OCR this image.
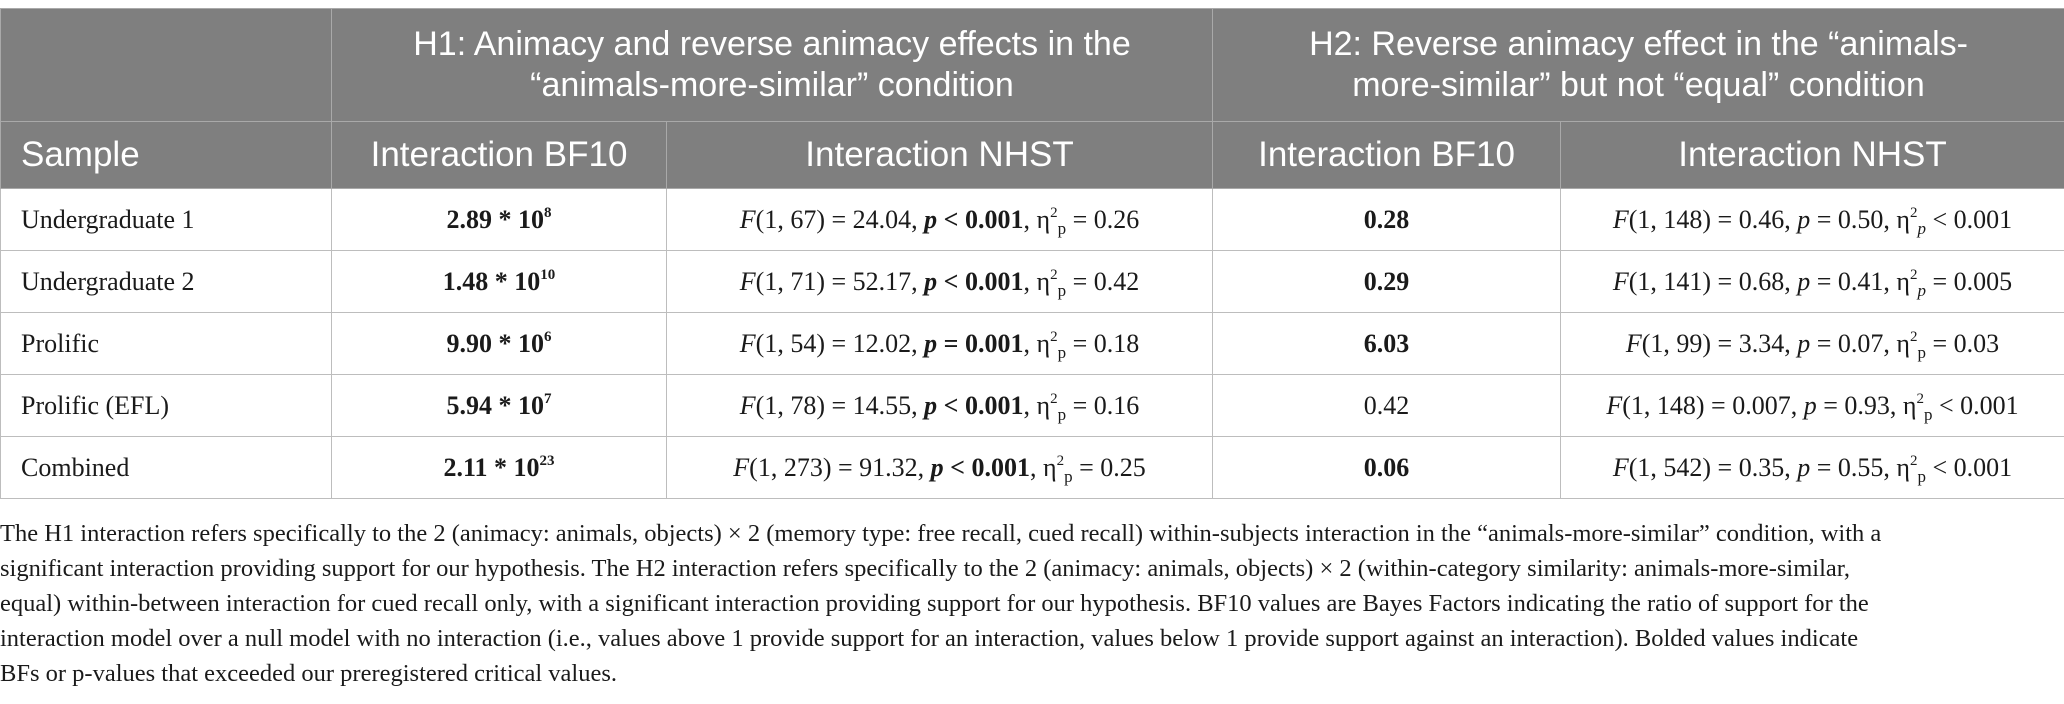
	H1: Animacy and reverse animacy effects in the
“animals-more-similar” condition		H2: Reverse animacy effect in the “animals-
more-similar” but not “equal” condition	
Sample	Interaction BF10	Interaction NHST	Interaction BF10	Interaction NHST
Undergraduate 1	$2.89 * 10^8$	F(1, 67) = 24.04, p < 0.001, $\eta^2_p = 0.26$	0.28	F(1, 148) = 0.46, p = 0.50, $\eta^2_p < 0.001$
Undergraduate 2	$1.48 * 10^{10}$	F(1, 71) = 52.17, p < 0.001, $\eta^2_p = 0.42$	0.29	F(1, 141) = 0.68, p = 0.41, $\eta^2_p = 0.005$
Prolific	$9.90 * 10^6$	F(1, 54) = 12.02, p = 0.001, $\eta^2_p = 0.18$	6.03	F(1, 99) = 3.34, p = 0.07, $\eta^2_p = 0.03$
Prolific (EFL)	$5.94 * 10^7$	F(1, 78) = 14.55, p < 0.001, $\eta^2_p = 0.16$	0.42	F(1, 148) = 0.007, p = 0.93, $\eta^2_p < 0.001$
Combined	$2.11 * 10^{23}$	F(1, 273) = 91.32, p < 0.001, $\eta^2_p = 0.25$	0.06	F(1, 542) = 0.35, p = 0.55, $\eta^2_p < 0.001$

The H1 interaction refers specifically to the 2 (animacy: animals, objects) × 2 (memory type: free recall, cued recall) within-subjects interaction in the “animals-more-similar” condition, with a

significant interaction providing support for our hypothesis. The H2 interaction refers specifically to the 2 (animacy: animals, objects) × 2 (within-category similarity: animals-more-similar,

equal) within-between interaction for cued recall only, with a significant interaction providing support for our hypothesis. BF10 values are Bayes Factors indicating the ratio of support for the

interaction model over a null model with no interaction (i.e., values above 1 provide support for an interaction, values below 1 provide support against an interaction). Bolded values indicate

BFs or p-values that exceeded our preregistered critical values.
